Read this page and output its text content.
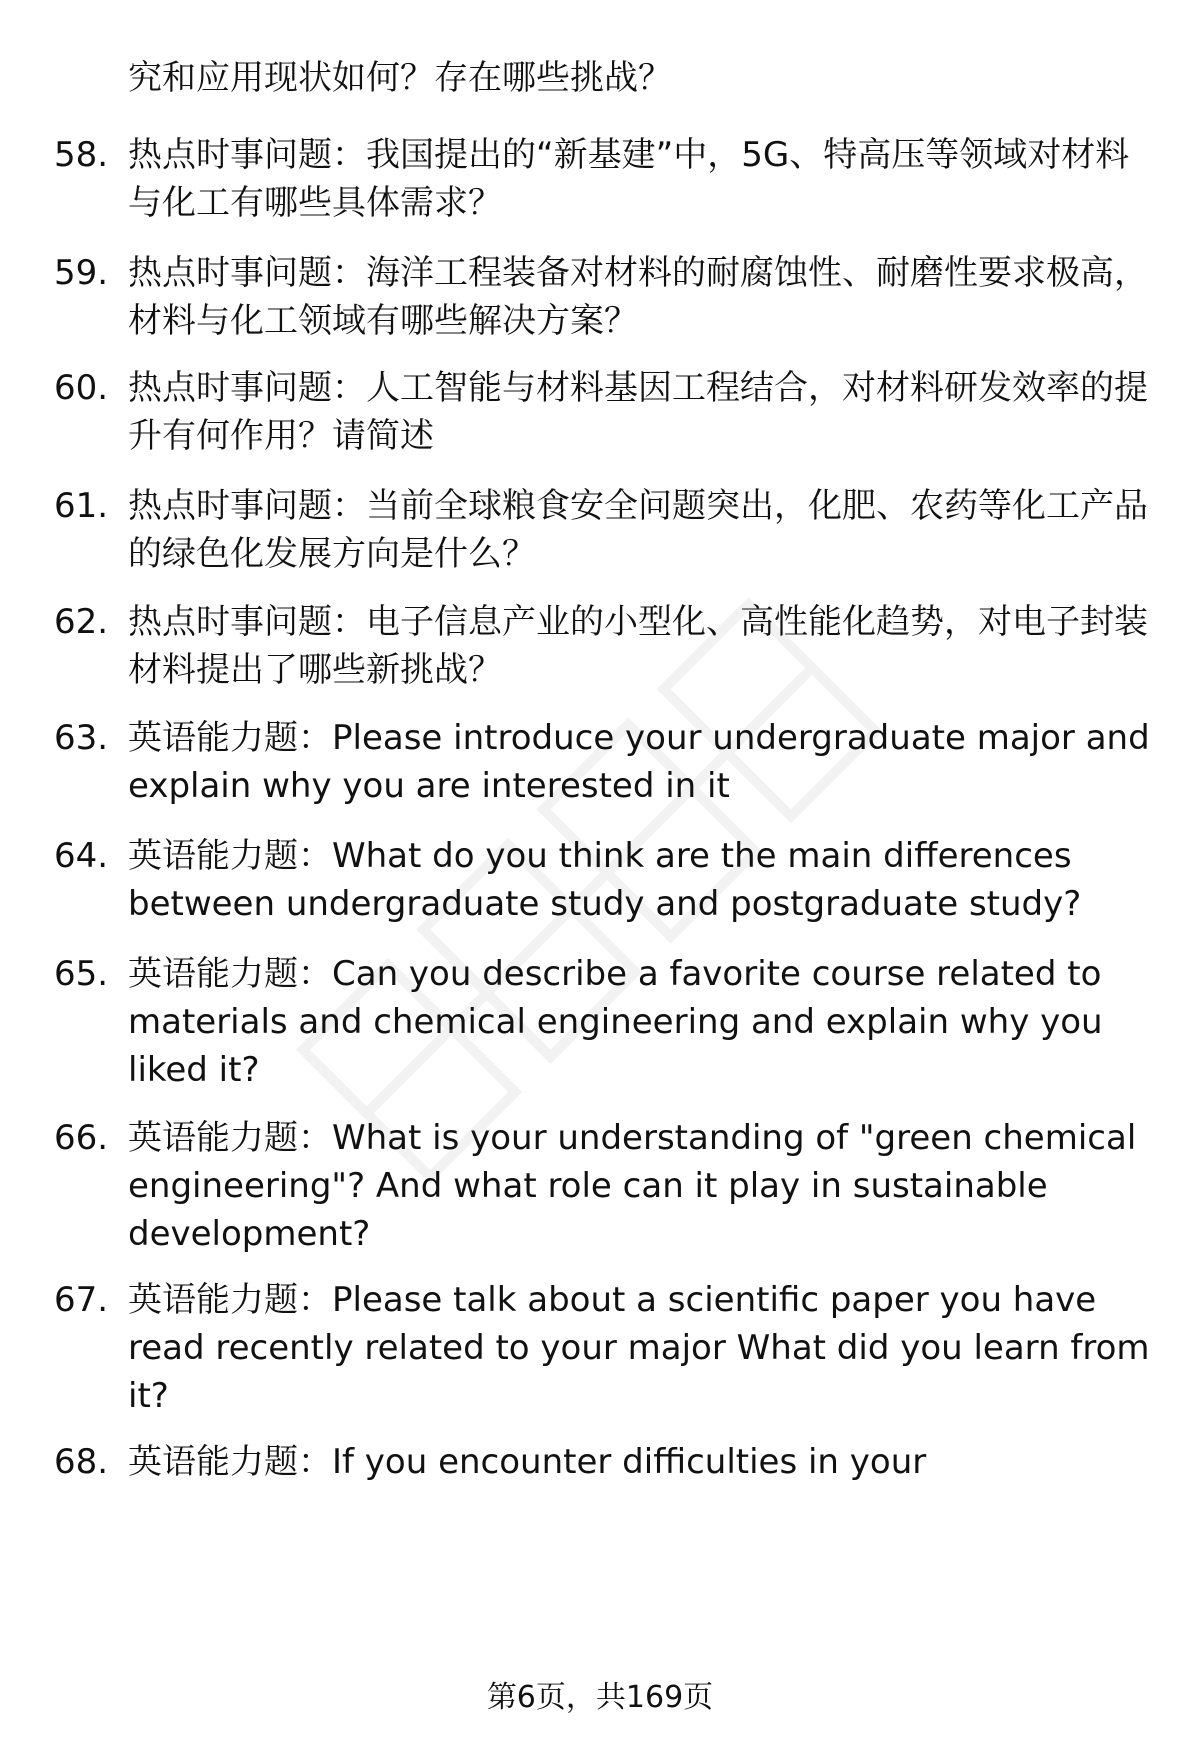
究和应用现状如何？存在哪些挑战？
58. 热点时事问题：我国提出的“新基建”中，5G、特高压等领域对材料与化工有哪些具体需求？
59. 热点时事问题：海洋工程装备对材料的耐腐蚀性、耐磨性要求极高，材料与化工领域有哪些解决方案？
60. 热点时事问题：人工智能与材料基因工程结合，对材料研发效率的提升有何作用？请简述
61. 热点时事问题：当前全球粮食安全问题突出，化肥、农药等化工产品的绿色化发展方向是什么？
62. 热点时事问题：电子信息产业的小型化、高性能化趋势，对电子封装材料提出了哪些新挑战？
63. 英语能力题：Please introduce your undergraduate major and explain why you are interested in it
64. 英语能力题：What do you think are the main differences between undergraduate study and postgraduate study?
65. 英语能力题：Can you describe a favorite course related to materials and chemical engineering and explain why you liked it?
66. 英语能力题：What is your understanding of "green chemical engineering"? And what role can it play in sustainable development?
67. 英语能力题：Please talk about a scientific paper you have read recently related to your major What did you learn from it?
68. 英语能力题：If you encounter difficulties in your
第6页，共169页
